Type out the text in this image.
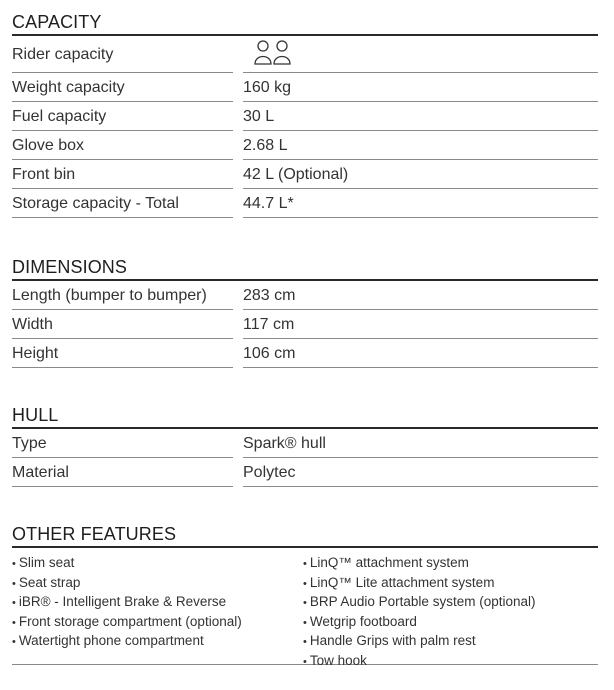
CAPACITY
Rider capacity
Weight capacity	160 kg
Fuel capacity	30 L
Glove box	2.68 L
Front bin	42 L (Optional)
Storage capacity - Total	44.7 L*
DIMENSIONS
Length (bumper to bumper)	283 cm
Width	117 cm
Height	106 cm
HULL
Type	Spark® hull
Material	Polytec
OTHER FEATURES
• Slim seat
• Seat strap
• iBR® - Intelligent Brake & Reverse
• Front storage compartment (optional)
• Watertight phone compartment
• LinQ™ attachment system
• LinQ™ Lite attachment system
• BRP Audio Portable system (optional)
• Wetgrip footboard
• Handle Grips with palm rest
• Tow hook
